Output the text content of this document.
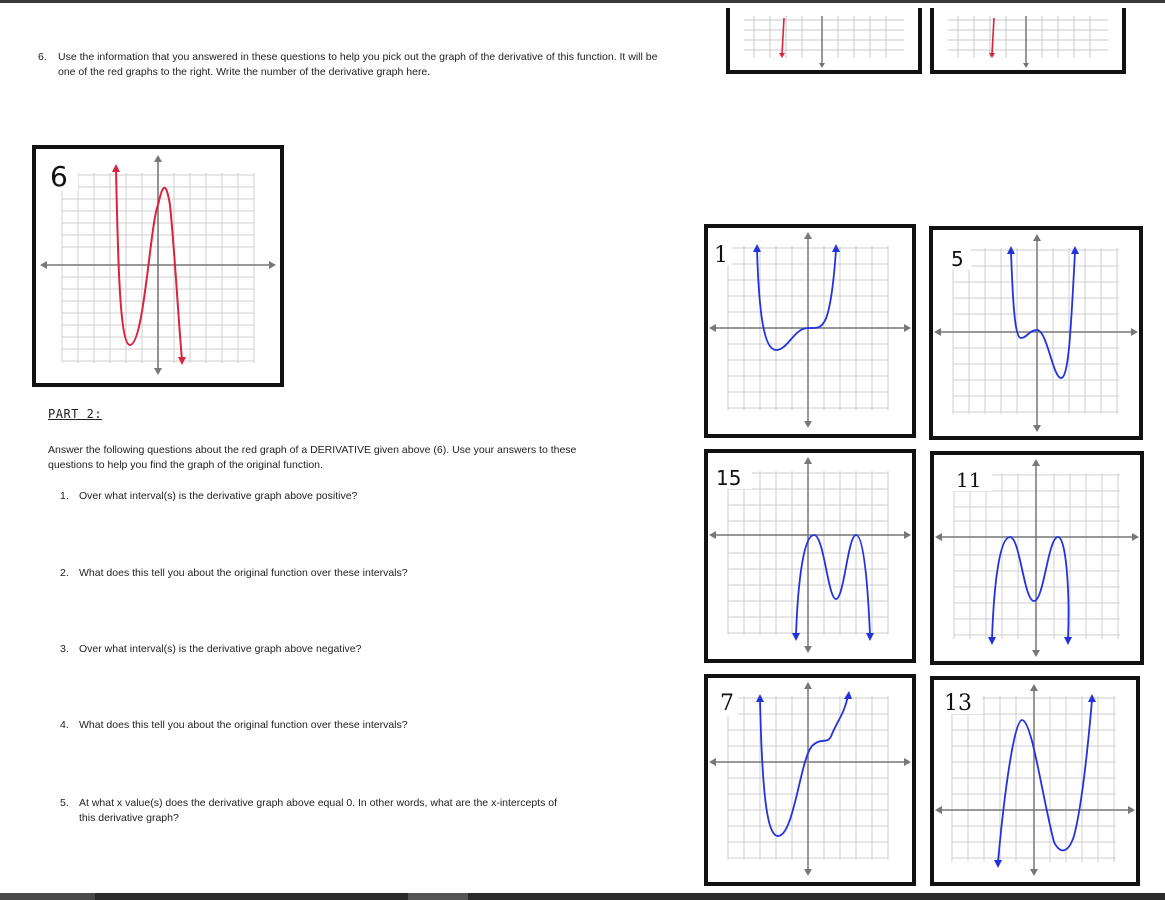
6. Use the information that you answered in these questions to help you pick out the graph of the derivative of this function. It will be one of the red graphs to the right. Write the number of the derivative graph here.
6
PART 2:
Answer the following questions about the red graph of a DERIVATIVE given above (6). Use your answers to these questions to help you find the graph of the original function.
1. Over what interval(s) is the derivative graph above positive?
2. What does this tell you about the original function over these intervals?
3. Over what interval(s) is the derivative graph above negative?
4. What does this tell you about the original function over these intervals?
5. At what x value(s) does the derivative graph above equal 0. In other words, what are the x-intercepts of this derivative graph?
1	5
15	11
7	13
